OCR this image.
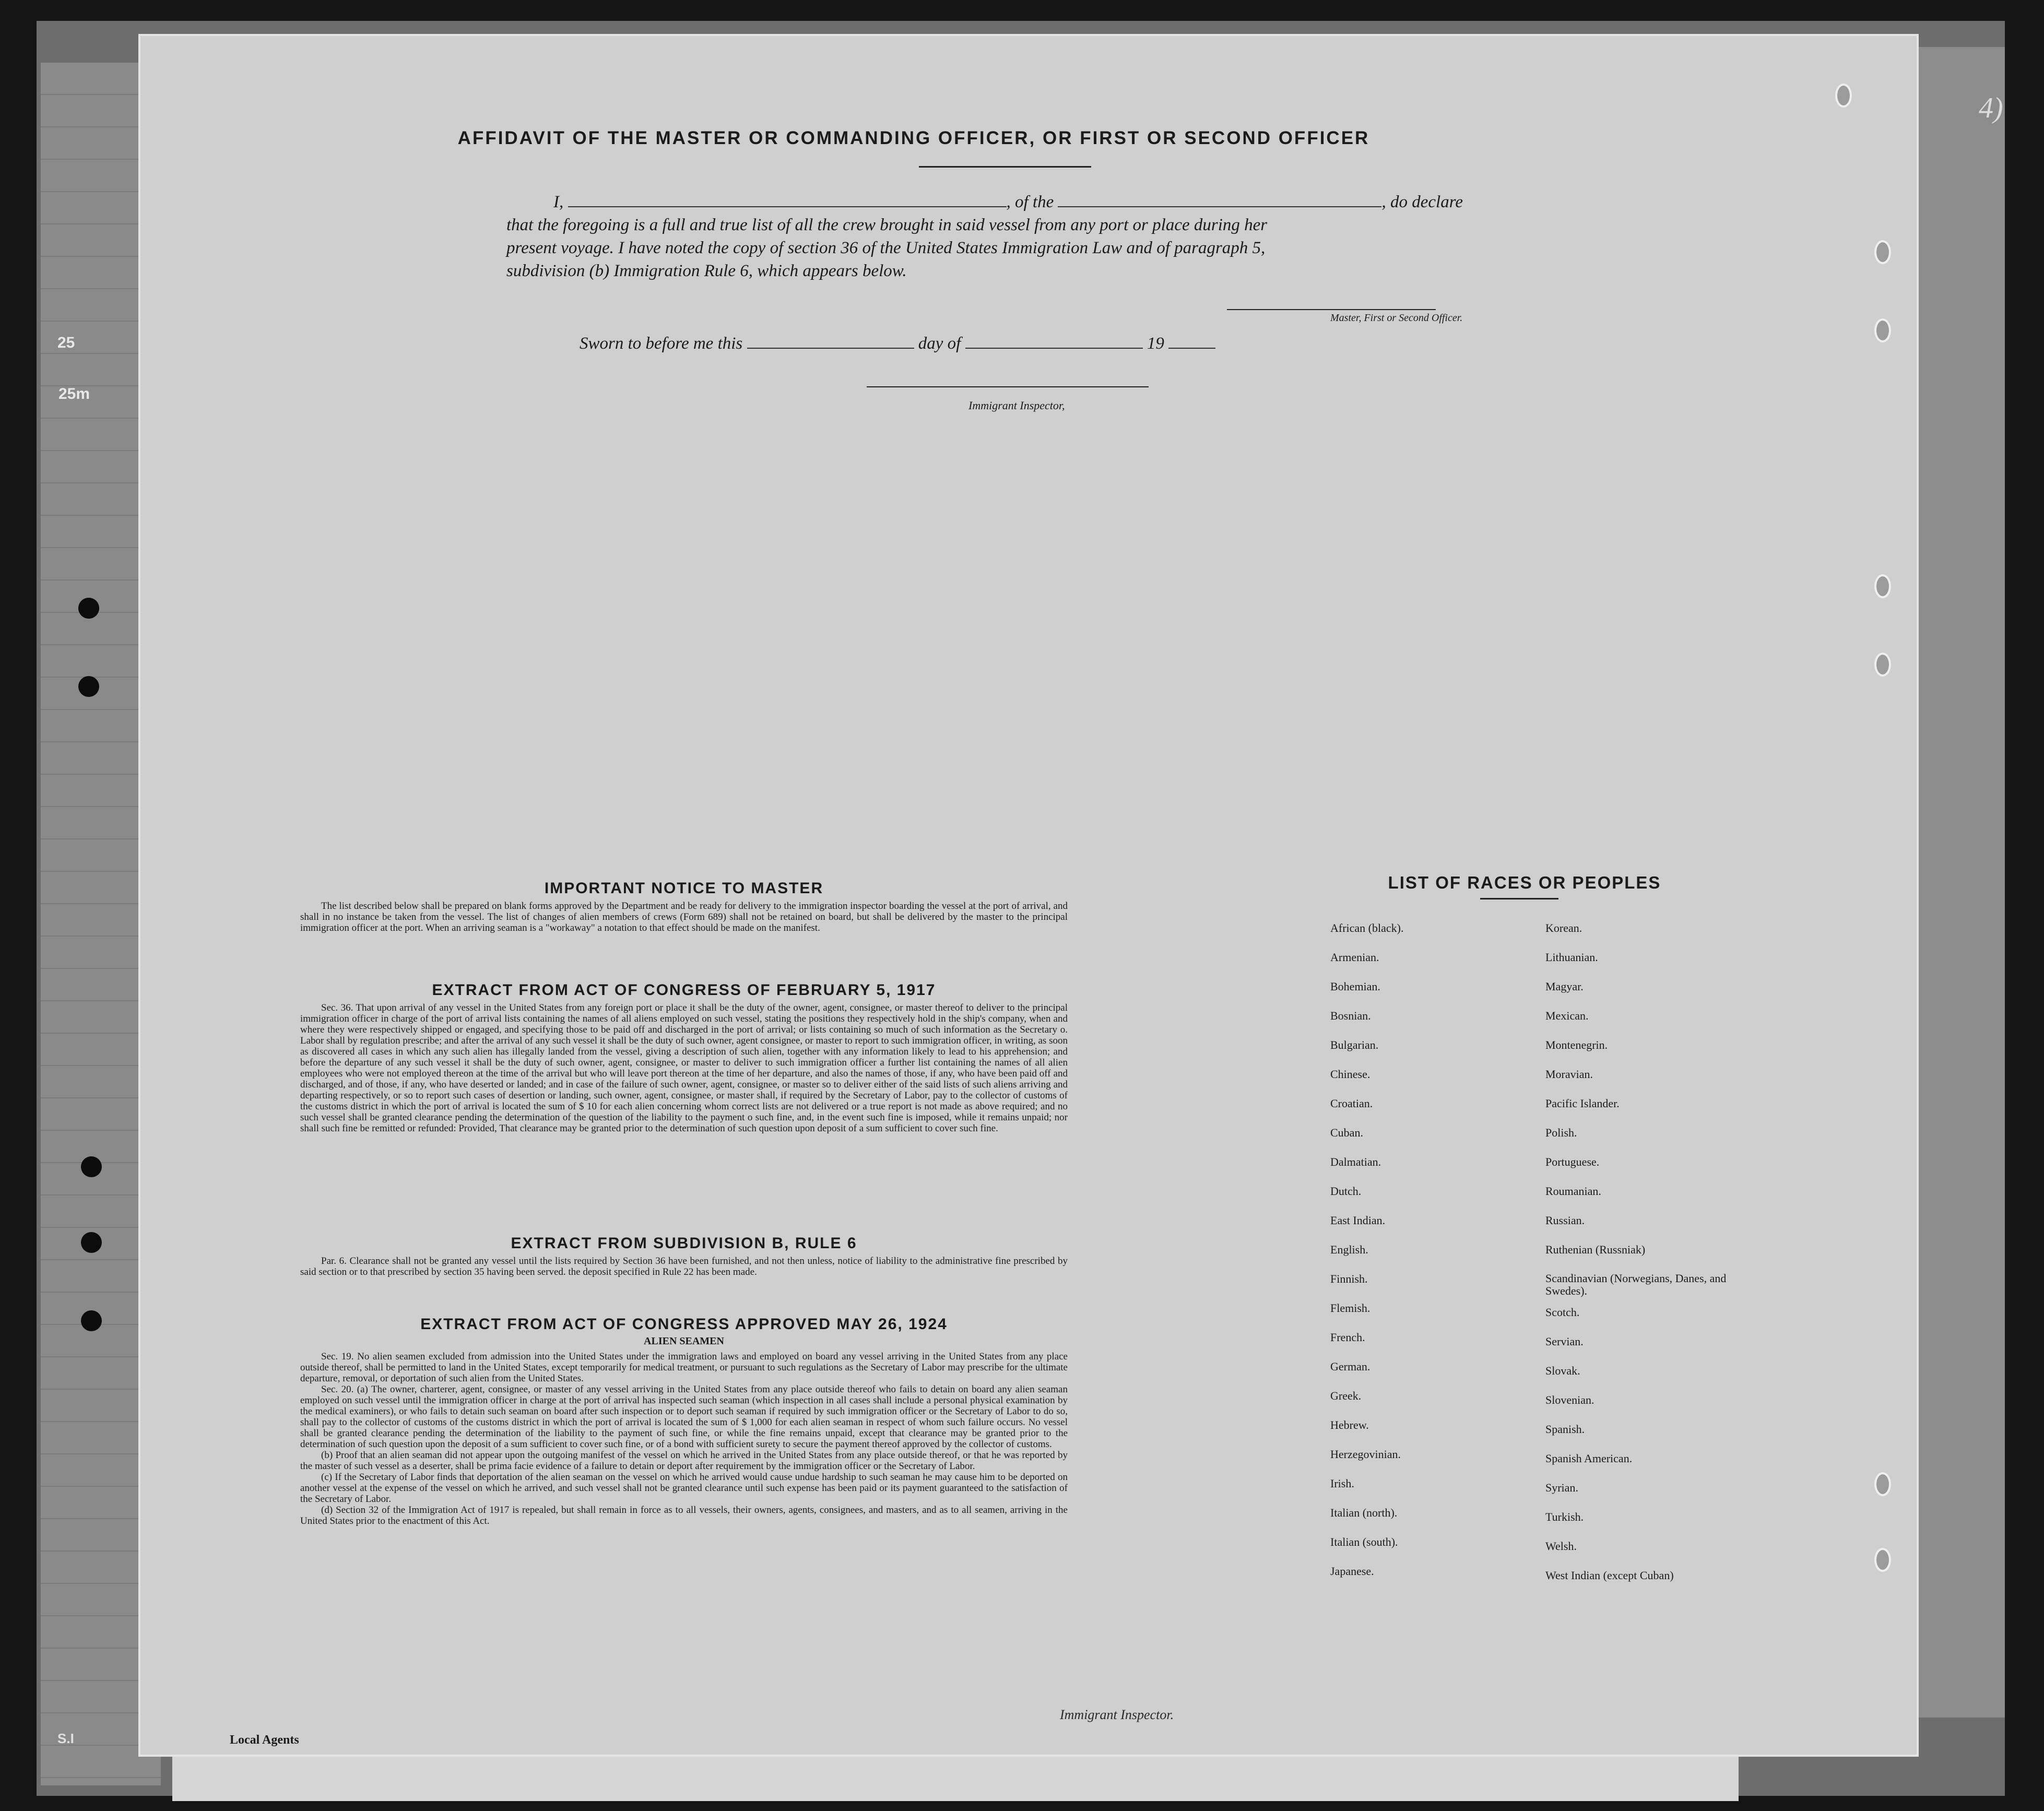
25
25m
4)
AFFIDAVIT OF THE MASTER OR COMMANDING OFFICER, OR FIRST OR SECOND OFFICER
I,	, of the	, do declare
that the foregoing is a full and true list of all the crew brought in said vessel from any port or place during her
present voyage. I have noted the copy of section 36 of the United States Immigration Law and of paragraph 5,
subdivision (b) Immigration Rule 6, which appears below.
Master, First or Second Officer.
Sworn to before me this	day of	19
Immigrant Inspector,
IMPORTANT NOTICE TO MASTER

The list described below shall be prepared on blank forms approved by the Department and be ready for delivery to the immigration inspector boarding the vessel at the port of arrival, and shall in no instance be taken from the vessel. The list of changes of alien members of crews (Form 689) shall not be retained on board, but shall be delivered by the master to the principal immigration officer at the port. When an arriving seaman is a "workaway" a notation to that effect should be made on the manifest.

EXTRACT FROM ACT OF CONGRESS OF FEBRUARY 5, 1917

Sec. 36. That upon arrival of any vessel in the United States from any foreign port or place it shall be the duty of the owner, agent, consignee, or master thereof to deliver to the principal immigration officer in charge of the port of arrival lists containing the names of all aliens employed on such vessel, stating the positions they respectively hold in the ship's company, when and where they were respectively shipped or engaged, and specifying those to be paid off and discharged in the port of arrival; or lists containing so much of such information as the Secretary o. Labor shall by regulation prescribe; and after the arrival of any such vessel it shall be the duty of such owner, agent consignee, or master to report to such immigration officer, in writing, as soon as discovered all cases in which any such alien has illegally landed from the vessel, giving a description of such alien, together with any information likely to lead to his apprehension; and before the departure of any such vessel it shall be the duty of such owner, agent, consignee, or master to deliver to such immigration officer a further list containing the names of all alien employees who were not employed thereon at the time of the arrival but who will leave port thereon at the time of her departure, and also the names of those, if any, who have been paid off and discharged, and of those, if any, who have deserted or landed; and in case of the failure of such owner, agent, consignee, or master so to deliver either of the said lists of such aliens arriving and departing respectively, or so to report such cases of desertion or landing, such owner, agent, consignee, or master shall, if required by the Secretary of Labor, pay to the collector of customs of the customs district in which the port of arrival is located the sum of $ 10 for each alien concerning whom correct lists are not delivered or a true report is not made as above required; and no such vessel shall be granted clearance pending the determination of the question of the liability to the payment o such fine, and, in the event such fine is imposed, while it remains unpaid; nor shall such fine be remitted or refunded: Provided, That clearance may be granted prior to the determination of such question upon deposit of a sum sufficient to cover such fine.

EXTRACT FROM SUBDIVISION B, RULE 6

Par. 6. Clearance shall not be granted any vessel until the lists required by Section 36 have been furnished, and not then unless, notice of liability to the administrative fine prescribed by said section or to that prescribed by section 35 having been served. the deposit specified in Rule 22 has been made.

EXTRACT FROM ACT OF CONGRESS APPROVED MAY 26, 1924
ALIEN SEAMEN

Sec. 19. No alien seamen excluded from admission into the United States under the immigration laws and employed on board any vessel arriving in the United States from any place outside thereof, shall be permitted to land in the United States, except temporarily for medical treatment, or pursuant to such regulations as the Secretary of Labor may prescribe for the ultimate departure, removal, or deportation of such alien from the United States.

Sec. 20. (a) The owner, charterer, agent, consignee, or master of any vessel arriving in the United States from any place outside thereof who fails to detain on board any alien seaman employed on such vessel until the immigration officer in charge at the port of arrival has inspected such seaman (which inspection in all cases shall include a personal physical examination by the medical examiners), or who fails to detain such seaman on board after such inspection or to deport such seaman if required by such immigration officer or the Secretary of Labor to do so, shall pay to the collector of customs of the customs district in which the port of arrival is located the sum of $ 1,000 for each alien seaman in respect of whom such failure occurs. No vessel shall be granted clearance pending the determination of the liability to the payment of such fine, or while the fine remains unpaid, except that clearance may be granted prior to the determination of such question upon the deposit of a sum sufficient to cover such fine, or of a bond with sufficient surety to secure the payment thereof approved by the collector of customs.

(b) Proof that an alien seaman did not appear upon the outgoing manifest of the vessel on which he arrived in the United States from any place outside thereof, or that he was reported by the master of such vessel as a deserter, shall be prima facie evidence of a failure to detain or deport after requirement by the immigration officer or the Secretary of Labor.

(c) If the Secretary of Labor finds that deportation of the alien seaman on the vessel on which he arrived would cause undue hardship to such seaman he may cause him to be deported on another vessel at the expense of the vessel on which he arrived, and such vessel shall not be granted clearance until such expense has been paid or its payment guaranteed to the satisfaction of the Secretary of Labor.

(d) Section 32 of the Immigration Act of 1917 is repealed, but shall remain in force as to all vessels, their owners, agents, consignees, and masters, and as to all seamen, arriving in the United States prior to the enactment of this Act.

LIST OF RACES OR PEOPLES
African (black).
Armenian.
Bohemian.
Bosnian.
Bulgarian.
Chinese.
Croatian.
Cuban.
Dalmatian.
Dutch.
East Indian.
English.
Finnish.
Flemish.
French.
German.
Greek.
Hebrew.
Herzegovinian.
Irish.
Italian (north).
Italian (south).
Japanese.
Korean.
Lithuanian.
Magyar.
Mexican.
Montenegrin.
Moravian.
Pacific Islander.
Polish.
Portuguese.
Roumanian.
Russian.
Ruthenian (Russniak)
Scandinavian (Norwegians, Danes, and Swedes).
Scotch.
Servian.
Slovak.
Slovenian.
Spanish.
Spanish American.
Syrian.
Turkish.
Welsh.
West Indian (except Cuban)
S.I	Local Agents
Immigrant Inspector.
